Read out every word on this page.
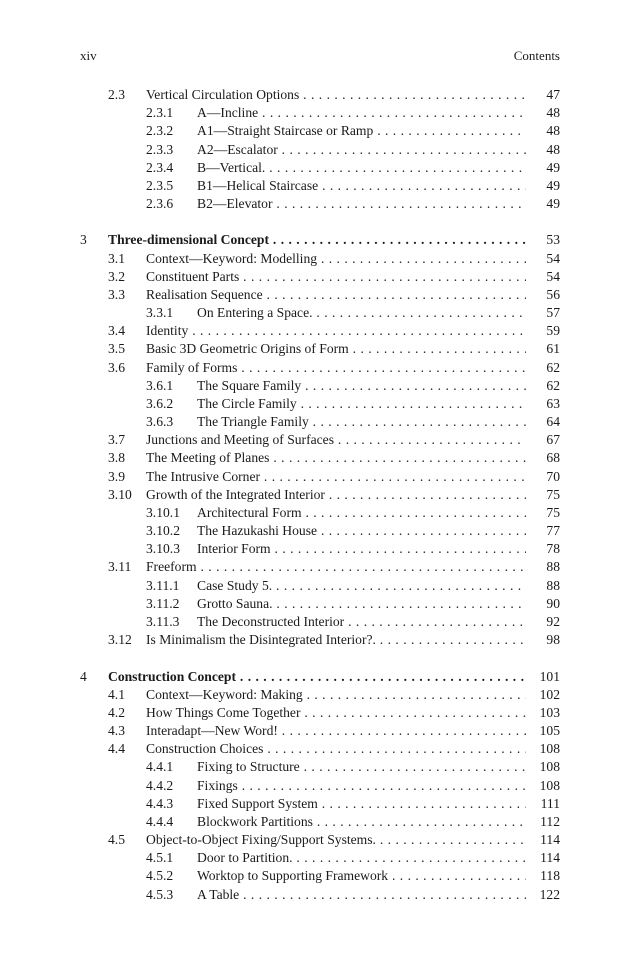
xiv	Contents
2.3 Vertical Circulation Options . . .	47
2.3.1 A—Incline . . .	48
2.3.2 A1—Straight Staircase or Ramp . . .	48
2.3.3 A2—Escalator . . .	48
2.3.4 B—Vertical. . . .	49
2.3.5 B1—Helical Staircase . . .	49
2.3.6 B2—Elevator . . .	49
3 Three-dimensional Concept . . .	53
3.1 Context—Keyword: Modelling . . .	54
3.2 Constituent Parts . . .	54
3.3 Realisation Sequence . . .	56
3.3.1 On Entering a Space. . . .	57
3.4 Identity . . .	59
3.5 Basic 3D Geometric Origins of Form . . .	61
3.6 Family of Forms . . .	62
3.6.1 The Square Family . . .	62
3.6.2 The Circle Family . . .	63
3.6.3 The Triangle Family . . .	64
3.7 Junctions and Meeting of Surfaces . . .	67
3.8 The Meeting of Planes . . .	68
3.9 The Intrusive Corner . . .	70
3.10 Growth of the Integrated Interior . . .	75
3.10.1 Architectural Form . . .	75
3.10.2 The Hazukashi House . . .	77
3.10.3 Interior Form . . .	78
3.11 Freeform . . .	88
3.11.1 Case Study 5. . . .	88
3.11.2 Grotto Sauna. . . .	90
3.11.3 The Deconstructed Interior . . .	92
3.12 Is Minimalism the Disintegrated Interior?. . . .	98
4 Construction Concept . . .	101
4.1 Context—Keyword: Making . . .	102
4.2 How Things Come Together . . .	103
4.3 Interadapt—New Word! . . .	105
4.4 Construction Choices . . .	108
4.4.1 Fixing to Structure . . .	108
4.4.2 Fixings . . .	108
4.4.3 Fixed Support System . . .	111
4.4.4 Blockwork Partitions . . .	112
4.5 Object-to-Object Fixing/Support Systems. . . .	114
4.5.1 Door to Partition. . . .	114
4.5.2 Worktop to Supporting Framework . . .	118
4.5.3 A Table . . .	122
